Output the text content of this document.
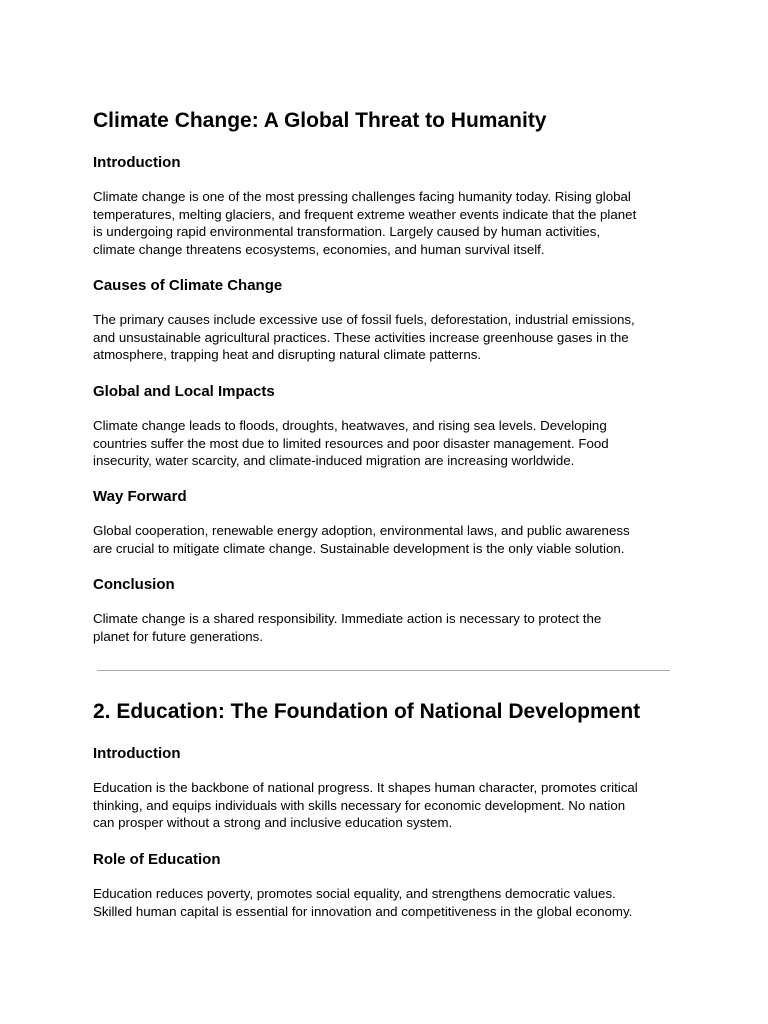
Climate Change: A Global Threat to Humanity
Introduction
Climate change is one of the most pressing challenges facing humanity today. Rising global
temperatures, melting glaciers, and frequent extreme weather events indicate that the planet
is undergoing rapid environmental transformation. Largely caused by human activities,
climate change threatens ecosystems, economies, and human survival itself.
Causes of Climate Change
The primary causes include excessive use of fossil fuels, deforestation, industrial emissions,
and unsustainable agricultural practices. These activities increase greenhouse gases in the
atmosphere, trapping heat and disrupting natural climate patterns.
Global and Local Impacts
Climate change leads to floods, droughts, heatwaves, and rising sea levels. Developing
countries suffer the most due to limited resources and poor disaster management. Food
insecurity, water scarcity, and climate-induced migration are increasing worldwide.
Way Forward
Global cooperation, renewable energy adoption, environmental laws, and public awareness
are crucial to mitigate climate change. Sustainable development is the only viable solution.
Conclusion
Climate change is a shared responsibility. Immediate action is necessary to protect the
planet for future generations.
2. Education: The Foundation of National Development
Introduction
Education is the backbone of national progress. It shapes human character, promotes critical
thinking, and equips individuals with skills necessary for economic development. No nation
can prosper without a strong and inclusive education system.
Role of Education
Education reduces poverty, promotes social equality, and strengthens democratic values.
Skilled human capital is essential for innovation and competitiveness in the global economy.
